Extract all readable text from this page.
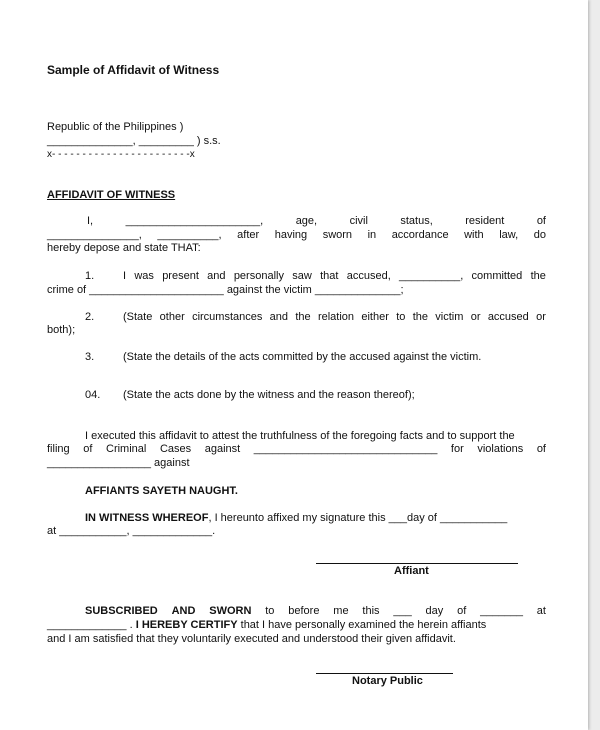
Sample of Affidavit of Witness
Republic of the Philippines )
______________, _________ ) s.s.
x- - - - - - - - - - - - - - - - - - - - - - -x
AFFIDAVIT OF WITNESS
I,	______________________,	age,	civil	status,	resident	of
_______________, __________, after having sworn in accordance with law, do
hereby depose and state THAT:
1.	I was present and personally saw that accused, __________, committed the
crime of ______________________ against the victim ______________;
2.	(State other circumstances and the relation either to the victim or accused or
both);
3.	(State the details of the acts committed by the accused against the victim.
04. (State the acts done by the witness and the reason thereof);
I executed this affidavit to attest the truthfulness of the foregoing facts and to support the
filing of Criminal Cases against ______________________________ for violations of
_________________ against
AFFIANTS SAYETH NAUGHT.
IN WITNESS WHEREOF, I hereunto affixed my signature this ___day of ___________
at ___________, _____________.
Affiant
SUBSCRIBED AND SWORN to before me this ___ day of _______ at
_____________ . I HEREBY CERTIFY that I have personally examined the herein affiants
and I am satisfied that they voluntarily executed and understood their given affidavit.
Notary Public
